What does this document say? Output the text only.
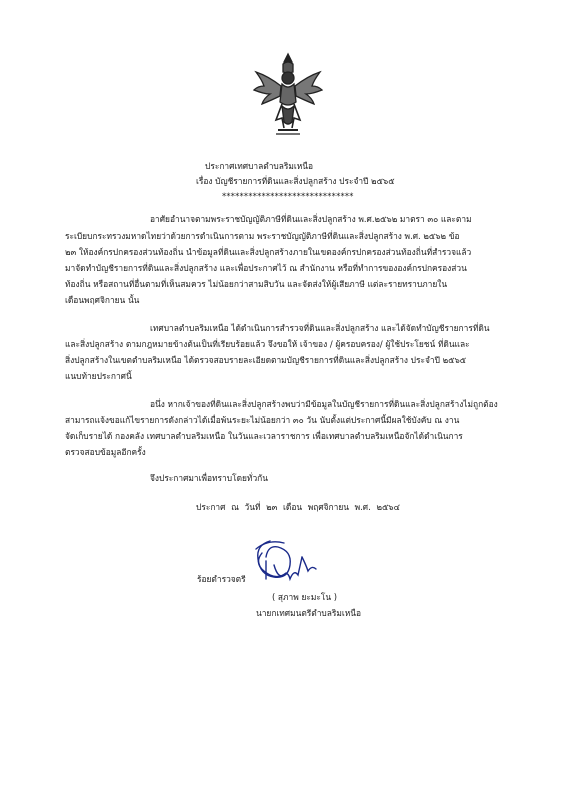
ประกาศเทศบาลตำบลริมเหนือ
เรื่อง บัญชีรายการที่ดินและสิ่งปลูกสร้าง ประจำปี ๒๕๖๕
******************************
อาศัยอำนาจตามพระราชบัญญัติภาษีที่ดินและสิ่งปลูกสร้าง พ.ศ.๒๕๖๒ มาตรา ๓๐ และตาม
ระเบียบกระทรวงมหาดไทยว่าด้วยการดำเนินการตาม พระราชบัญญัติภาษีที่ดินและสิ่งปลูกสร้าง พ.ศ. ๒๕๖๒ ข้อ
๒๓ ให้องค์กรปกครองส่วนท้องถิ่น นำข้อมูลที่ดินและสิ่งปลูกสร้างภายในเขตองค์กรปกครองส่วนท้องถิ่นที่สำรวจแล้ว
มาจัดทำบัญชีรายการที่ดินและสิ่งปลูกสร้าง และเพื่อประกาศไว้ ณ สำนักงาน หรือที่ทำการขององค์กรปกครองส่วน
ท้องถิ่น หรือสถานที่อื่นตามที่เห็นสมควร ไม่น้อยกว่าสามสิบวัน และจัดส่งให้ผู้เสียภาษี แต่ละรายทราบภายใน
เดือนพฤศจิกายน นั้น
เทศบาลตำบลริมเหนือ ได้ดำเนินการสำรวจที่ดินและสิ่งปลูกสร้าง และได้จัดทำบัญชีรายการที่ดิน
และสิ่งปลูกสร้าง ตามกฎหมายข้างต้นเป็นที่เรียบร้อยแล้ว จึงขอให้ เจ้าของ / ผู้ครอบครอง/ ผู้ใช้ประโยชน์ ที่ดินและ
สิ่งปลูกสร้างในเขตตำบลริมเหนือ ได้ตรวจสอบรายละเอียดตามบัญชีรายการที่ดินและสิ่งปลูกสร้าง ประจำปี ๒๕๖๕
แนบท้ายประกาศนี้
อนึ่ง หากเจ้าของที่ดินและสิ่งปลูกสร้างพบว่ามีข้อมูลในบัญชีรายการที่ดินและสิ่งปลูกสร้างไม่ถูกต้อง
สามารถแจ้งขอแก้ไขรายการดังกล่าวได้เมื่อพ้นระยะไม่น้อยกว่า ๓๐ วัน นับตั้งแต่ประกาศนี้มีผลใช้บังคับ ณ งาน
จัดเก็บรายได้ กองคลัง เทศบาลตำบลริมเหนือ ในวันและเวลาราชการ เพื่อเทศบาลตำบลริมเหนือจักได้ดำเนินการ
ตรวจสอบข้อมูลอีกครั้ง
จึงประกาศมาเพื่อทราบโดยทั่วกัน
ประกาศ ณ วันที่ ๒๓ เดือน พฤศจิกายน พ.ศ. ๒๕๖๔
ร้อยตำรวจตรี
( สุภาพ ยะมะโน )
นายกเทศมนตรีตำบลริมเหนือ
